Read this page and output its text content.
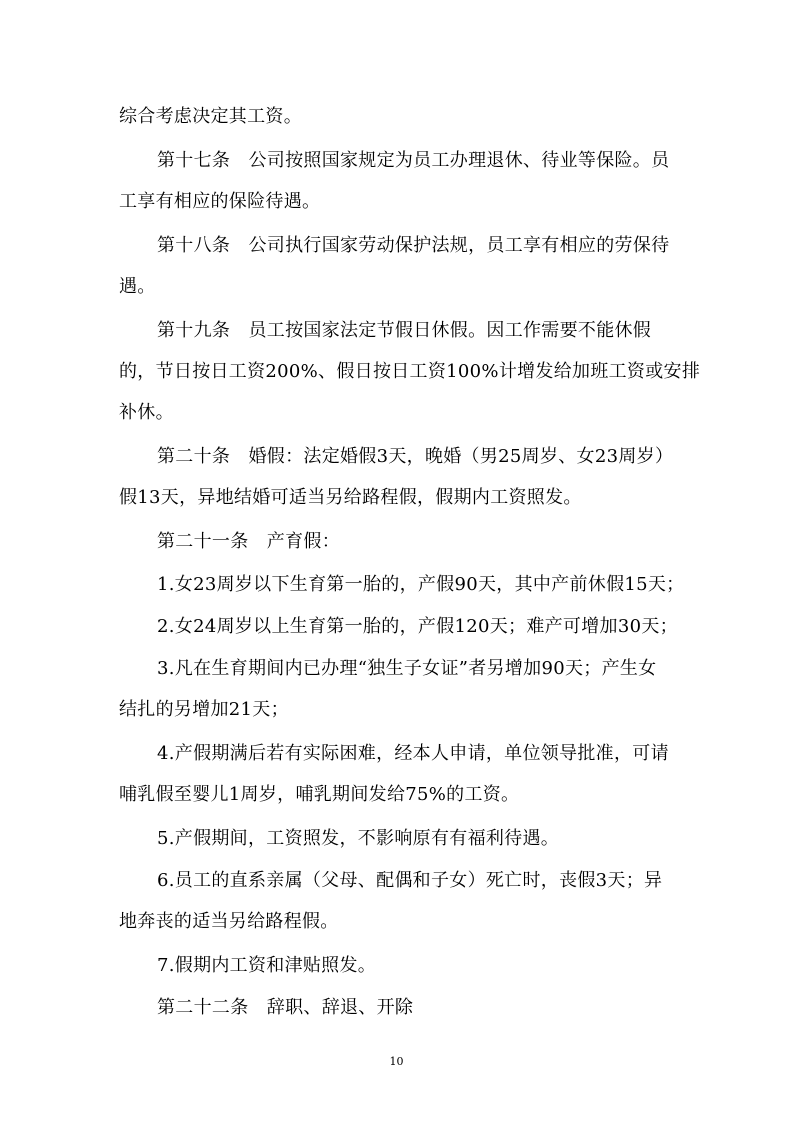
综合考虑决定其工资。
第十七条　公司按照国家规定为员工办理退休、待业等保险。员
工享有相应的保险待遇。
第十八条　公司执行国家劳动保护法规，员工享有相应的劳保待
遇。
第十九条　员工按国家法定节假日休假。因工作需要不能休假
的，节日按日工资200%、假日按日工资100%计增发给加班工资或安排
补休。
第二十条　婚假：法定婚假3天，晚婚（男25周岁、女23周岁）
假13天，异地结婚可适当另给路程假，假期内工资照发。
第二十一条　产育假：
1.女23周岁以下生育第一胎的，产假90天，其中产前休假15天；
2.女24周岁以上生育第一胎的，产假120天；难产可增加30天；
3.凡在生育期间内已办理“独生子女证”者另增加90天；产生女
结扎的另增加21天；
4.产假期满后若有实际困难，经本人申请，单位领导批准，可请
哺乳假至婴儿1周岁，哺乳期间发给75%的工资。
5.产假期间，工资照发，不影响原有有福利待遇。
6.员工的直系亲属（父母、配偶和子女）死亡时，丧假3天；异
地奔丧的适当另给路程假。
7.假期内工资和津贴照发。
第二十二条　辞职、辞退、开除
10
